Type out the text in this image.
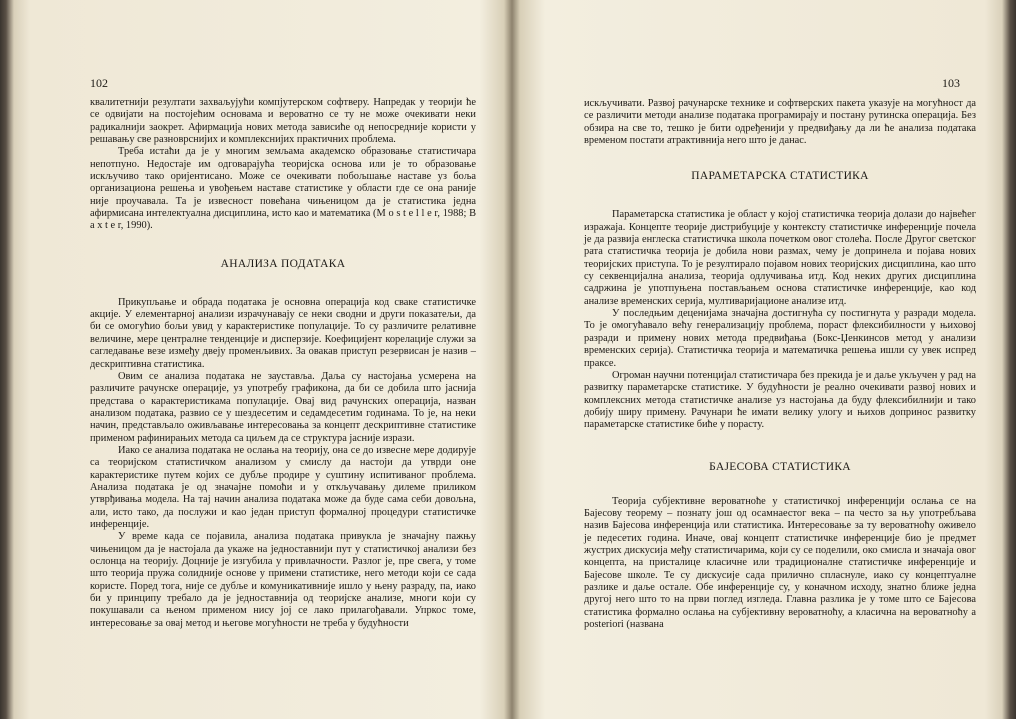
102

квалитетнији резултати захваљујући компјутерском софтверу. Напредак у теорији ће се одвијати на постојећим основама и вероватно се ту не може очекивати неки радикалнији заокрет. Афирмација нових метода зависиће од непосредније користи у решавању све разноврснијих и комплекснијих практичних проблема.

Треба истаћи да је у многим земљама академско образовање статистичара непотпуно. Недостаје им одговарајућа теоријска основа или је то образовање искључиво тако оријентисано. Може се очекивати побољшање наставе уз боља организациона решења и увођењем наставе статистике у области где се она раније није проучавала. Та је извесност повећана чињеницом да је статистика једна афирмисана интелектуална дисциплина, исто као и математика (M o s t e l l e r, 1988; B a x t e r, 1990).

АНАЛИЗА ПОДАТАКА

Прикупљање и обрада података је основна операција код сваке статистичке акције. У елементарној анализи израчунавају се неки сводни и други показатељи, да би се омогућио бољи увид у карактеристике популације. То су различите релативне величине, мере централне тенденције и дисперзије. Коефицијент корелације служи за сагледавање везе између двеју променљивих. За овакав приступ резервисан је назив – дескриптивна статистика.

Овим се анализа података не зауставља. Даља су настојања усмерена на различите рачунске операције, уз употребу графикона, да би се добила што јаснија представа о карактеристикама популације. Овај вид рачунских операција, назван анализом података, развио се у шездесетим и седамдесетим годинама. То је, на неки начин, представљало оживљавање интересовања за концепт дескриптивне статистике применом рафинирањих метода са циљем да се структура јасније изрази.

Иако се анализа података не ослања на теорију, она се до извесне мере додирује са теоријском статистичком анализом у смислу да настоји да утврди оне карактеристике путем којих се дубље продире у суштину испитиваног проблема. Анализа података је од значајне помоћи и у откључавању дилеме приликом утврђивања модела. На тај начин анализа података може да буде сама себи довољна, али, исто тако, да послужи и као један приступ формалној процедури статистичке инференције.

У време када се појавила, анализа података привукла је значајну пажњу чињеницом да је настојала да укаже на једноставнији пут у статистичкој анализи без ослонца на теорију. Доцније је изгубила у привлачности. Разлог је, пре свега, у томе што теорија пружа солидније основе у примени статистике, него методи који се сада користе. Поред тога, није се дубље и комуникативније ишло у њену разраду, па, иако би у принципу требало да је једноставнија од теоријске анализе, многи који су покушавали са њеном применом нису јој се лако прилагођавали. Упркос томе, интересовање за овај метод и његове могућности не треба у будућности

103

искључивати. Развој рачунарске технике и софтверских пакета указује на могућност да се различити методи анализе података програмирају и постану рутинска операција. Без обзира на све то, тешко је бити одређенији у предвиђању да ли ће анализа података временом постати атрактивнија него што је данас.

ПАРАМЕТАРСКА СТАТИСТИКА

Параметарска статистика је област у којој статистичка теорија долази до највећег изражаја. Концепте теорије дистрибуције у контексту статистичке инференције почела је да развија енглеска статистичка школа почетком овог столећа. После Другог светског рата статистичка теорија је добила нови размах, чему је допринела и појава нових теоријских приступа. То је резултирало појавом нових теоријских дисциплина, као што су секвенцијална анализа, теорија одлучивања итд. Код неких других дисциплина садржина је употпуњена постављањем основа статистичке инференције, као код анализе временских серија, мултиваријационе анализе итд.

У последњим деценијама значајна достигнућа су постигнута у разради модела. То је омогућавало већу генерализацију проблема, пораст флексибилности у њиховој разради и примену нових метода предвиђања (Бокс-Џенкинсов метод у анализи временских серија). Статистичка теорија и математичка решења ишли су увек испред праксе.

Огроман научни потенцијал статистичара без прекида је и даље укључен у рад на развитку параметарске статистике. У будућности је реално очекивати развој нових и комплексних метода статистичке анализе уз настојања да буду флексибилнији и тако добију ширу примену. Рачунари ће имати велику улогу и њихов допринос развитку параметарске статистике биће у порасту.

БАЈЕСОВА СТАТИСТИКА

Теорија субјективне вероватноће у статистичкој инференцији ослања се на Бајесову теорему – познату још од осамнаестог века – па често за њу употребљава назив Бајесова инференција или статистика. Интересовање за ту вероватноћу оживело је педесетих година. Иначе, овај концепт статистичке инференције био је предмет жустрих дискусија међу статистичарима, који су се поделили, око смисла и значаја овог концепта, на присталице класичне или традиционалне статистичке инференције и Бајесове школе. Те су дискусије сада прилично спласнуле, иако су концептуалне разлике и даље остале. Обе инференције су, у коначном исходу, знатно ближе једна другој него што то на први поглед изгледа. Главна разлика је у томе што се Бајесова статистика формално ослања на субјективну вероватноћу, а класична на вероватноћу a posteriori (названа
